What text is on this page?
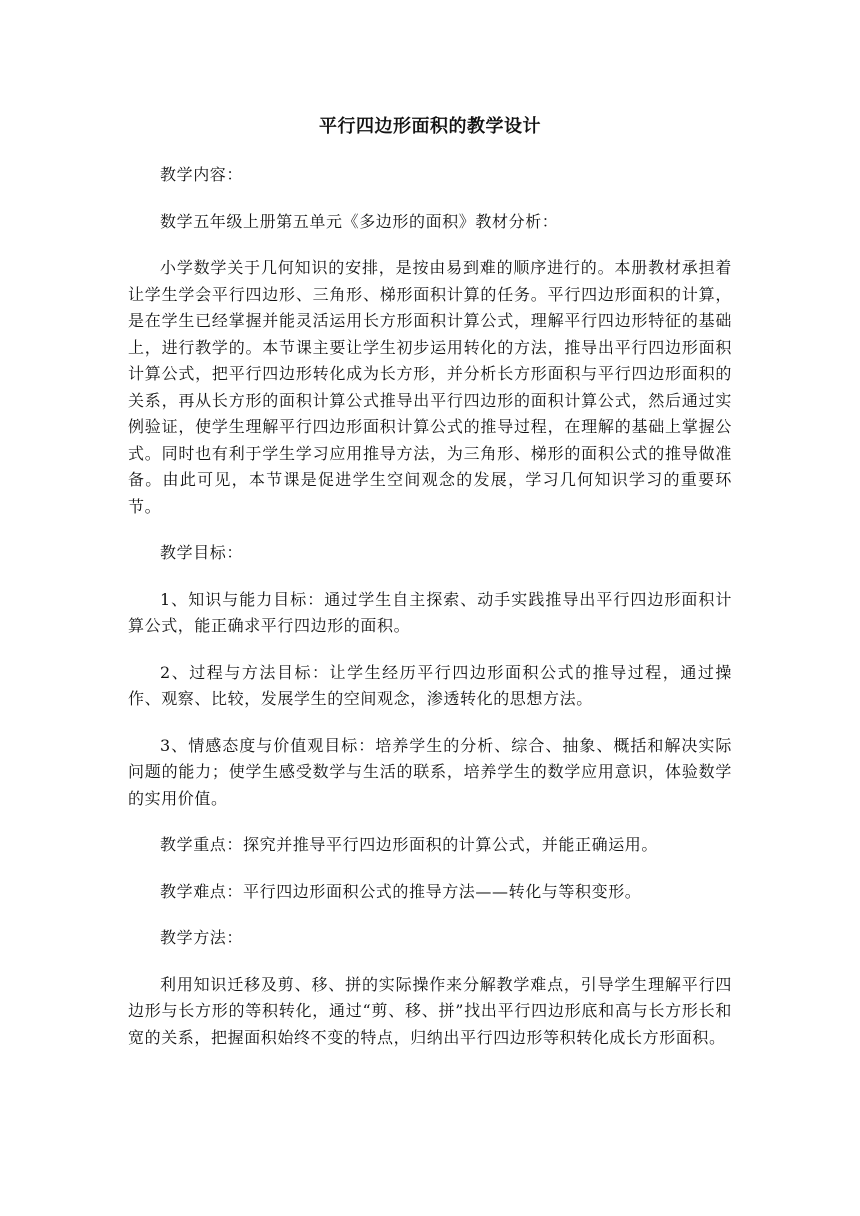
平行四边形面积的教学设计

教学内容：

数学五年级上册第五单元《多边形的面积》教材分析：

小学数学关于几何知识的安排，是按由易到难的顺序进行的。本册教材承担着让学生学会平行四边形、三角形、梯形面积计算的任务。平行四边形面积的计算，是在学生已经掌握并能灵活运用长方形面积计算公式，理解平行四边形特征的基础上，进行教学的。本节课主要让学生初步运用转化的方法，推导出平行四边形面积计算公式，把平行四边形转化成为长方形，并分析长方形面积与平行四边形面积的关系，再从长方形的面积计算公式推导出平行四边形的面积计算公式，然后通过实例验证，使学生理解平行四边形面积计算公式的推导过程，在理解的基础上掌握公式。同时也有利于学生学习应用推导方法，为三角形、梯形的面积公式的推导做准备。由此可见，本节课是促进学生空间观念的发展，学习几何知识学习的重要环节。

教学目标：

1、知识与能力目标：通过学生自主探索、动手实践推导出平行四边形面积计算公式，能正确求平行四边形的面积。

2、过程与方法目标：让学生经历平行四边形面积公式的推导过程，通过操作、观察、比较，发展学生的空间观念，渗透转化的思想方法。

3、情感态度与价值观目标：培养学生的分析、综合、抽象、概括和解决实际问题的能力；使学生感受数学与生活的联系，培养学生的数学应用意识，体验数学的实用价值。

教学重点：探究并推导平行四边形面积的计算公式，并能正确运用。

教学难点：平行四边形面积公式的推导方法——转化与等积变形。

教学方法：

利用知识迁移及剪、移、拼的实际操作来分解教学难点，引导学生理解平行四边形与长方形的等积转化，通过“剪、移、拼”找出平行四边形底和高与长方形长和宽的关系，把握面积始终不变的特点，归纳出平行四边形等积转化成长方形面积。
